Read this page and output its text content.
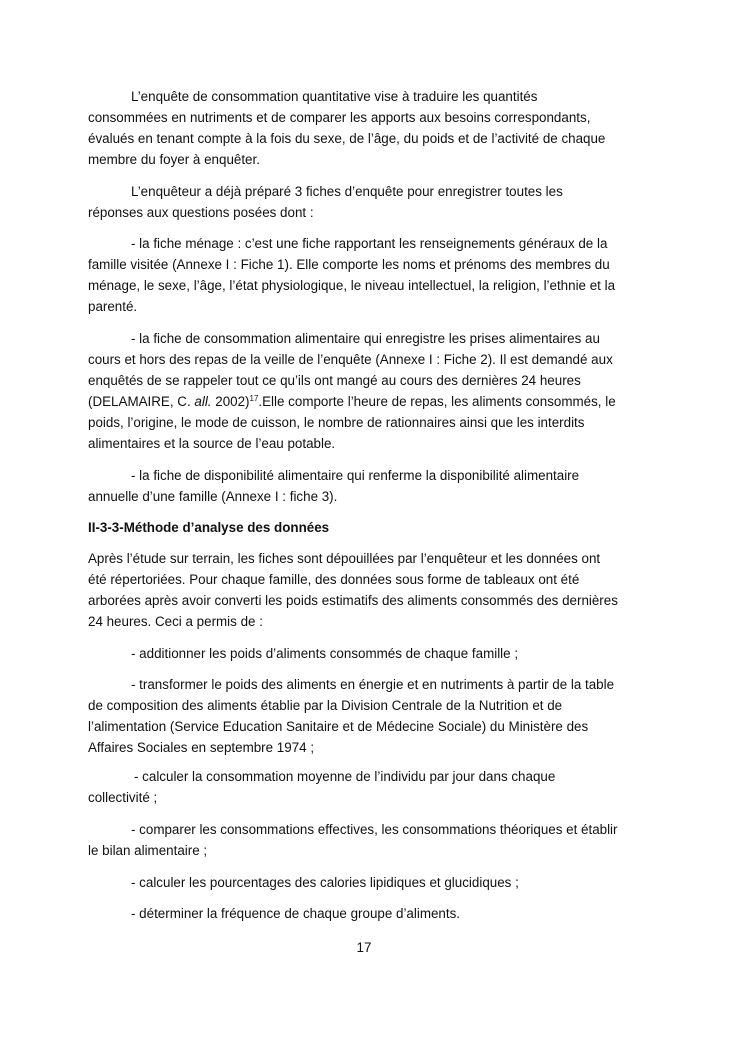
L’enquête de consommation quantitative vise à traduire les quantités
consommées en nutriments et de comparer les apports aux besoins correspondants,
évalués en tenant compte à la fois du sexe, de l’âge, du poids et de l’activité de chaque
membre du foyer à enquêter.
L’enquêteur a déjà préparé 3 fiches d’enquête pour enregistrer toutes les
réponses aux questions posées dont :
- la fiche ménage : c’est une fiche rapportant les renseignements généraux de la
famille visitée (Annexe I : Fiche 1). Elle comporte les noms et prénoms des membres du
ménage, le sexe, l’âge, l’état physiologique, le niveau intellectuel, la religion, l’ethnie et la
parenté.
- la fiche de consommation alimentaire qui enregistre les prises alimentaires au
cours et hors des repas de la veille de l’enquête (Annexe I : Fiche 2). Il est demandé aux
enquêtés de se rappeler tout ce qu’ils ont mangé au cours des dernières 24 heures
(DELAMAIRE, C. all. 2002)$^{17}$.Elle comporte l’heure de repas, les aliments consommés, le
poids, l’origine, le mode de cuisson, le nombre de rationnaires ainsi que les interdits
alimentaires et la source de l’eau potable.
- la fiche de disponibilité alimentaire qui renferme la disponibilité alimentaire
annuelle d’une famille (Annexe I : fiche 3).
II-3-3-Méthode d’analyse des données
Après l’étude sur terrain, les fiches sont dépouillées par l’enquêteur et les données ont
été répertoriées. Pour chaque famille, des données sous forme de tableaux ont été
arborées après avoir converti les poids estimatifs des aliments consommés des dernières
24 heures. Ceci a permis de :
- additionner les poids d’aliments consommés de chaque famille ;
- transformer le poids des aliments en énergie et en nutriments à partir de la table
de composition des aliments établie par la Division Centrale de la Nutrition et de
l’alimentation (Service Education Sanitaire et de Médecine Sociale) du Ministère des
Affaires Sociales en septembre 1974 ;
- calculer la consommation moyenne de l’individu par jour dans chaque
collectivité ;
- comparer les consommations effectives, les consommations théoriques et établir
le bilan alimentaire ;
- calculer les pourcentages des calories lipidiques et glucidiques ;
- déterminer la fréquence de chaque groupe d’aliments.
17
